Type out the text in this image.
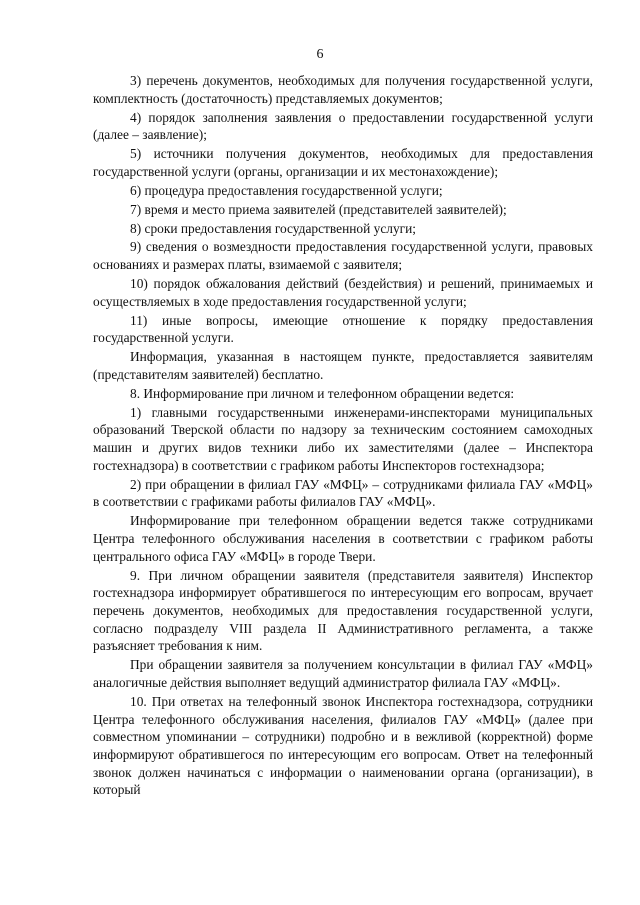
6

3) перечень документов, необходимых для получения государственной услуги, комплектность (достаточность) представляемых документов;

4) порядок заполнения заявления о предоставлении государственной услуги (далее – заявление);

5) источники получения документов, необходимых для предоставления государственной услуги (органы, организации и их местонахождение);

6) процедура предоставления государственной услуги;

7) время и место приема заявителей (представителей заявителей);

8) сроки предоставления государственной услуги;

9) сведения о возмездности предоставления государственной услуги, правовых основаниях и размерах платы, взимаемой с заявителя;

10) порядок обжалования действий (бездействия) и решений, принимаемых и осуществляемых в ходе предоставления государственной услуги;

11) иные вопросы, имеющие отношение к порядку предоставления государственной услуги.

Информация, указанная в настоящем пункте, предоставляется заявителям (представителям заявителей) бесплатно.

8. Информирование при личном и телефонном обращении ведется:

1) главными государственными инженерами-инспекторами муниципальных образований Тверской области по надзору за техническим состоянием самоходных машин и других видов техники либо их заместителями (далее – Инспектора гостехнадзора) в соответствии с графиком работы Инспекторов гостехнадзора;

2) при обращении в филиал ГАУ «МФЦ» – сотрудниками филиала ГАУ «МФЦ» в соответствии с графиками работы филиалов ГАУ «МФЦ».

Информирование при телефонном обращении ведется также сотрудниками Центра телефонного обслуживания населения в соответствии с графиком работы центрального офиса ГАУ «МФЦ» в городе Твери.

9. При личном обращении заявителя (представителя заявителя) Инспектор гостехнадзора информирует обратившегося по интересующим его вопросам, вручает перечень документов, необходимых для предоставления государственной услуги, согласно подразделу VIII раздела II Административного регламента, а также разъясняет требования к ним.

При обращении заявителя за получением консультации в филиал ГАУ «МФЦ» аналогичные действия выполняет ведущий администратор филиала ГАУ «МФЦ».

10. При ответах на телефонный звонок Инспектора гостехнадзора, сотрудники Центра телефонного обслуживания населения, филиалов ГАУ «МФЦ» (далее при совместном упоминании – сотрудники) подробно и в вежливой (корректной) форме информируют обратившегося по интересующим его вопросам. Ответ на телефонный звонок должен начинаться с информации о наименовании органа (организации), в который
